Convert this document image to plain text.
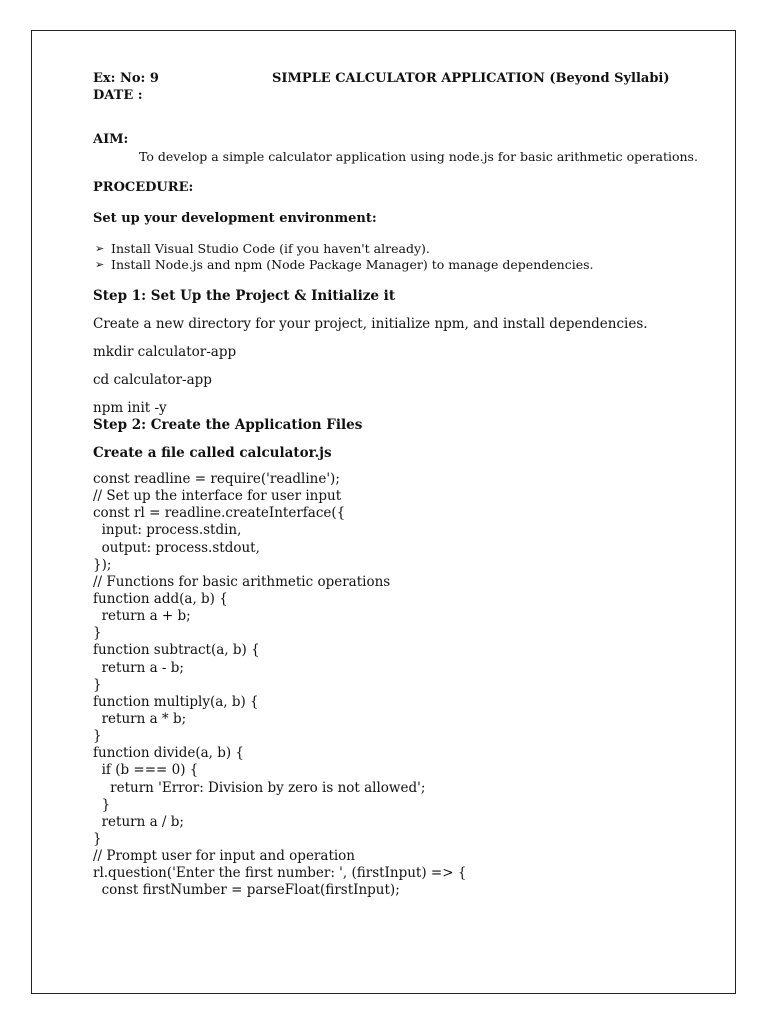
Ex: No: 9	SIMPLE CALCULATOR APPLICATION (Beyond Syllabi)
DATE :
AIM:
To develop a simple calculator application using node.js for basic arithmetic operations.
PROCEDURE:
Set up your development environment:
➢ Install Visual Studio Code (if you haven't already).
➢ Install Node.js and npm (Node Package Manager) to manage dependencies.
Step 1: Set Up the Project & Initialize it
Create a new directory for your project, initialize npm, and install dependencies.
mkdir calculator-app
cd calculator-app
npm init -y
Step 2: Create the Application Files
Create a file called calculator.js
const readline = require('readline');
// Set up the interface for user input
const rl = readline.createInterface({
input: process.stdin,
output: process.stdout,
});
// Functions for basic arithmetic operations
function add(a, b) {
return a + b;
}
function subtract(a, b) {
return a - b;
}
function multiply(a, b) {
return a * b;
}
function divide(a, b) {
if (b === 0) {
return 'Error: Division by zero is not allowed';
}
return a / b;
}
// Prompt user for input and operation
rl.question('Enter the first number: ', (firstInput) => {
const firstNumber = parseFloat(firstInput);
